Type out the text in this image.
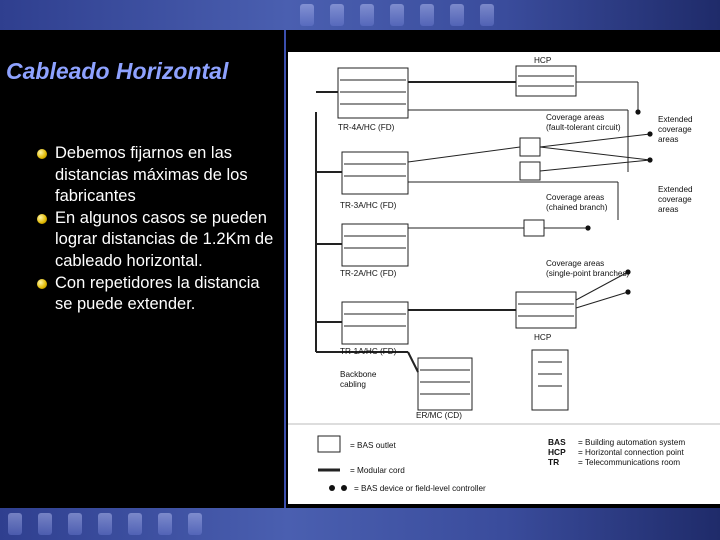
Cableado Horizontal
Debemos fijarnos en las distancias máximas de los fabricantes
En algunos casos se pueden lograr distancias de 1.2Km de cableado horizontal.
Con repetidores la distancia se puede extender.
HCP
TR-4A/HC (FD)
TR-3A/HC (FD)
TR-2A/HC (FD)
TR-1A/HC (FD)
ER/MC (CD)
Backbone
cabling
HCP
Coverage areas
(fault-tolerant circuit)
Coverage areas
(chained branch)
Coverage areas
(single-point branches)
Extended
coverage
areas
Extended
coverage
areas
= BAS outlet
= Modular cord
= BAS device or field-level controller
BAS = Building automation system
HCP = Horizontal connection point
TR = Telecommunications room
